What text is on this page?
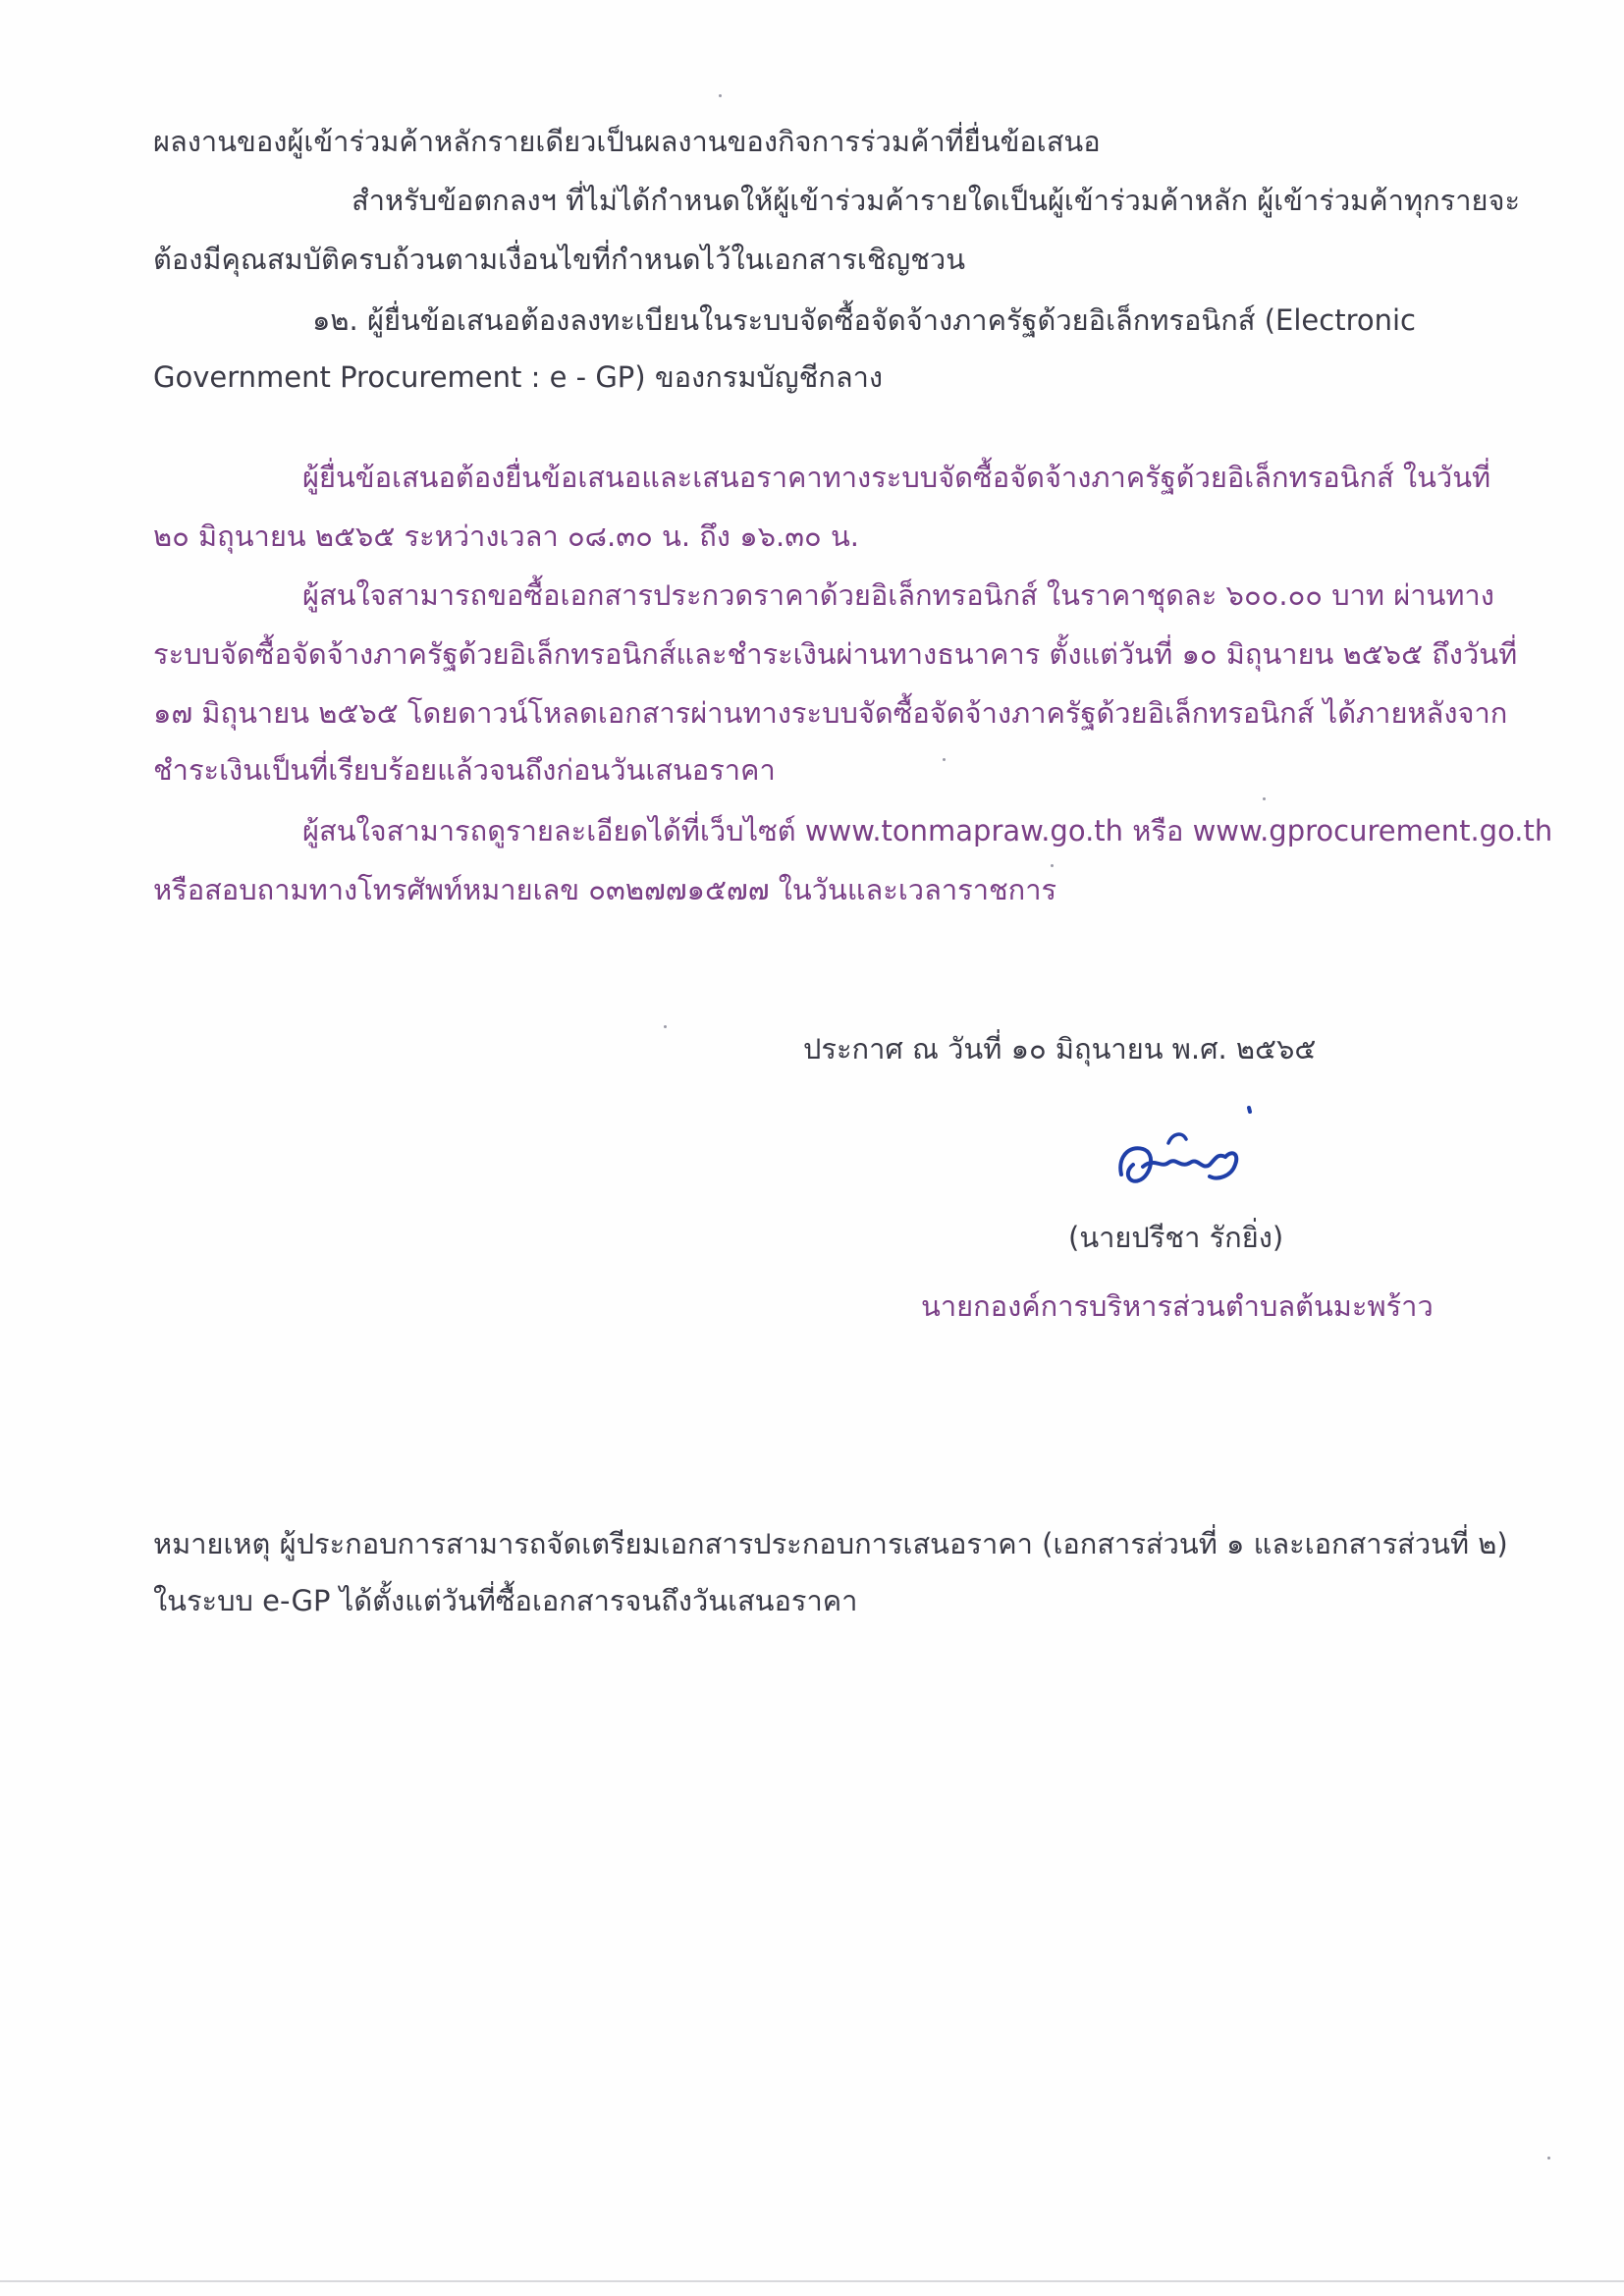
ผลงานของผู้เข้าร่วมค้าหลักรายเดียวเป็นผลงานของกิจการร่วมค้าที่ยื่นข้อเสนอ
สำหรับข้อตกลงฯ ที่ไม่ได้กำหนดให้ผู้เข้าร่วมค้ารายใดเป็นผู้เข้าร่วมค้าหลัก ผู้เข้าร่วมค้าทุกรายจะ
ต้องมีคุณสมบัติครบถ้วนตามเงื่อนไขที่กำหนดไว้ในเอกสารเชิญชวน
๑๒. ผู้ยื่นข้อเสนอต้องลงทะเบียนในระบบจัดซื้อจัดจ้างภาครัฐด้วยอิเล็กทรอนิกส์ (Electronic
Government Procurement : e - GP) ของกรมบัญชีกลาง
ผู้ยื่นข้อเสนอต้องยื่นข้อเสนอและเสนอราคาทางระบบจัดซื้อจัดจ้างภาครัฐด้วยอิเล็กทรอนิกส์ ในวันที่
๒๐ มิถุนายน ๒๕๖๕ ระหว่างเวลา ๐๘.๓๐ น. ถึง ๑๖.๓๐ น.
ผู้สนใจสามารถขอซื้อเอกสารประกวดราคาด้วยอิเล็กทรอนิกส์ ในราคาชุดละ ๖๐๐.๐๐ บาท ผ่านทาง
ระบบจัดซื้อจัดจ้างภาครัฐด้วยอิเล็กทรอนิกส์และชำระเงินผ่านทางธนาคาร ตั้งแต่วันที่ ๑๐ มิถุนายน ๒๕๖๕ ถึงวันที่
๑๗ มิถุนายน ๒๕๖๕ โดยดาวน์โหลดเอกสารผ่านทางระบบจัดซื้อจัดจ้างภาครัฐด้วยอิเล็กทรอนิกส์ ได้ภายหลังจาก
ชำระเงินเป็นที่เรียบร้อยแล้วจนถึงก่อนวันเสนอราคา
ผู้สนใจสามารถดูรายละเอียดได้ที่เว็บไซต์ www.tonmapraw.go.th หรือ www.gprocurement.go.th
หรือสอบถามทางโทรศัพท์หมายเลข ๐๓๒๗๗๑๕๗๗ ในวันและเวลาราชการ
ประกาศ ณ วันที่ ๑๐ มิถุนายน พ.ศ. ๒๕๖๕
(นายปรีชา รักยิ่ง)
นายกองค์การบริหารส่วนตำบลต้นมะพร้าว
หมายเหตุ ผู้ประกอบการสามารถจัดเตรียมเอกสารประกอบการเสนอราคา (เอกสารส่วนที่ ๑ และเอกสารส่วนที่ ๒)
ในระบบ e-GP ได้ตั้งแต่วันที่ซื้อเอกสารจนถึงวันเสนอราคา
